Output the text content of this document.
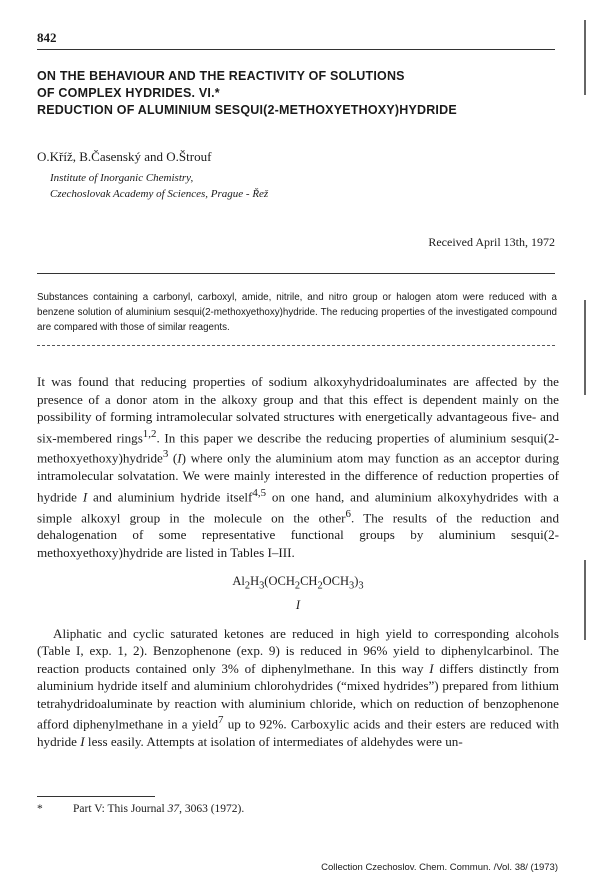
842
ON THE BEHAVIOUR AND THE REACTIVITY OF SOLUTIONS
OF COMPLEX HYDRIDES. VI.*
REDUCTION OF ALUMINIUM SESQUI(2-METHOXYETHOXY)HYDRIDE
O.Kříž, B.Časenský and O.Štrouf
Institute of Inorganic Chemistry,
Czechoslovak Academy of Sciences, Prague - Řež
Received April 13th, 1972
Substances containing a carbonyl, carboxyl, amide, nitrile, and nitro group or halogen atom were reduced with a benzene solution of aluminium sesqui(2-methoxyethoxy)hydride. The reducing properties of the investigated compound are compared with those of similar reagents.

It was found that reducing properties of sodium alkoxyhydridoaluminates are affected by the presence of a donor atom in the alkoxy group and that this effect is dependent mainly on the possibility of forming intramolecular solvated structures with energetically advantageous five- and six-membered rings$^{1,2}$. In this paper we describe the reducing properties of aluminium sesqui(2-methoxyethoxy)hydride$^3$ (I) where only the aluminium atom may function as an acceptor during intramolecular solvatation. We were mainly interested in the difference of reduction properties of hydride I and aluminium hydride itself$^{4,5}$ on one hand, and aluminium alkoxyhydrides with a simple alkoxyl group in the molecule on the other$^6$. The results of the reduction and dehalogenation of some representative functional groups by aluminium sesqui(2-methoxyethoxy)hydride are listed in Tables I–III.

$Al_2H_3(OCH_2CH_2OCH_3)_3$
I

Aliphatic and cyclic saturated ketones are reduced in high yield to corresponding alcohols (Table I, exp. 1, 2). Benzophenone (exp. 9) is reduced in 96% yield to diphenylcarbinol. The reaction products contained only 3% of diphenylmethane. In this way I differs distinctly from aluminium hydride itself and aluminium chlorohydrides (“mixed hydrides”) prepared from lithium tetrahydridoaluminate by reaction with aluminium chloride, which on reduction of benzophenone afford diphenylmethane in a yield$^7$ up to 92%. Carboxylic acids and their esters are reduced with hydride I less easily. Attempts at isolation of intermediates of aldehydes were un-

*	Part V: This Journal 37, 3063 (1972).
Collection Czechoslov. Chem. Commun. /Vol. 38/ (1973)
